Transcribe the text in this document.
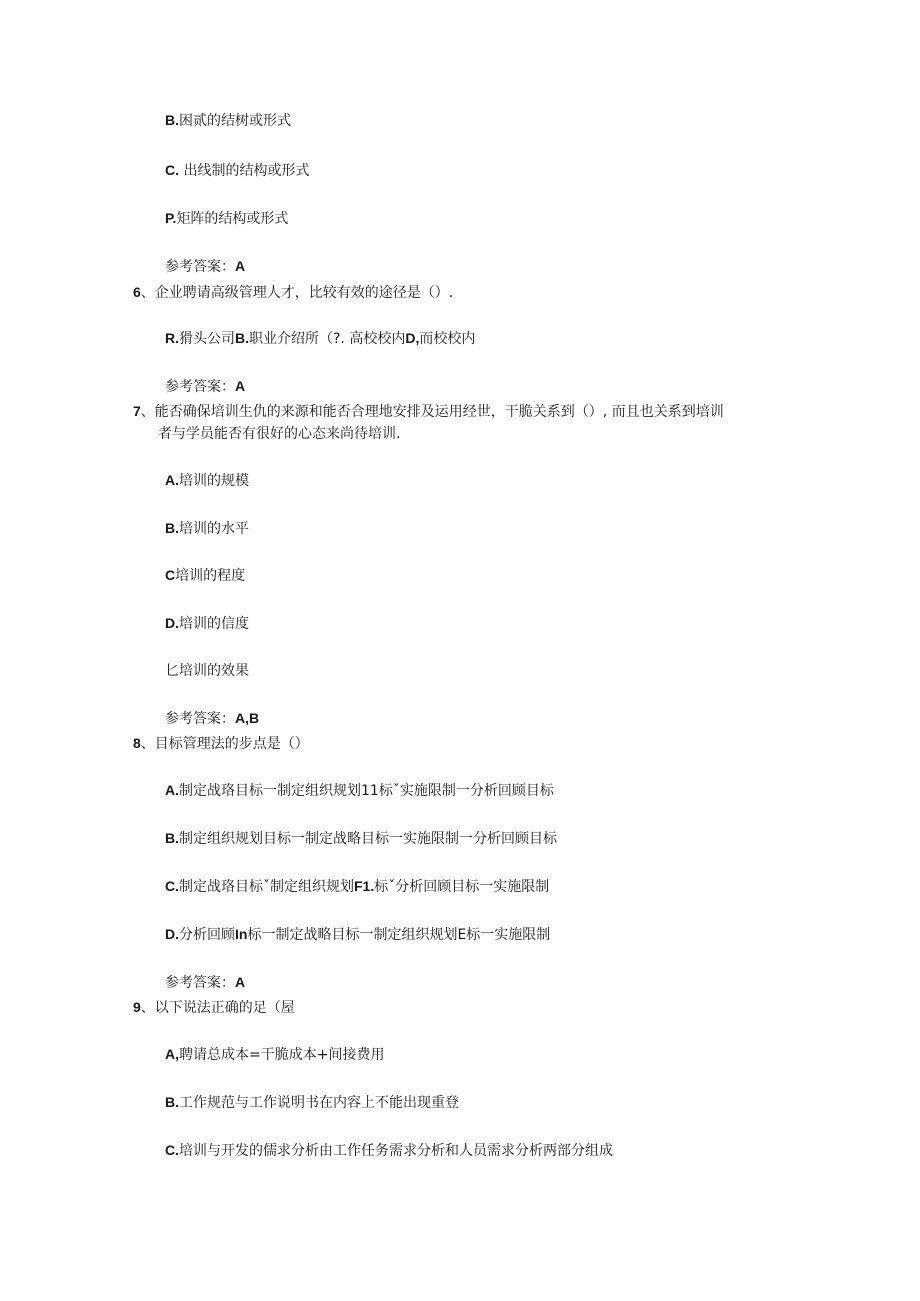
B.困贰的结树或形式
C. 出线制的结构或形式
P.矩阵的结构或形式
参考答案：A
6、企业聘请高级管理人才，比较有效的途径是（）.
R.猾头公司B.职业介绍所（?. 高校校内D,而校校内
参考答案：A
7、能否确保培训生仇的来源和能否合理地安排及运用经世，干脆关系到（）, 而且也关系到培训
者与学员能否有很好的心态来尚待培训.
A.培训的规模
B.培训的水平
C培训的程度
D.培训的信度
匕培训的效果
参考答案：A,B
8、目标管理法的步点是（）
A.制定战珞目标一制定组织规划11标ˇ实施限制一分析回顾目标
B.制定组织规划目标一制定战略目标一实施限制一分析回顾目标
C.制定战珞目标ˇ制定组织规划F1.标ˇ分析回顾目标一实施限制
D.分析回顾In标一制定战略目标一制定组织规划E标一实施限制
参考答案：A
9、以下说法正确的足（屋
A,聘请总成本=干脆成本+间接费用
B.工作规范与工作说明书在内容上不能出现重登
C.培训与开发的儒求分析由工作任务需求分析和人员需求分析两部分组成
